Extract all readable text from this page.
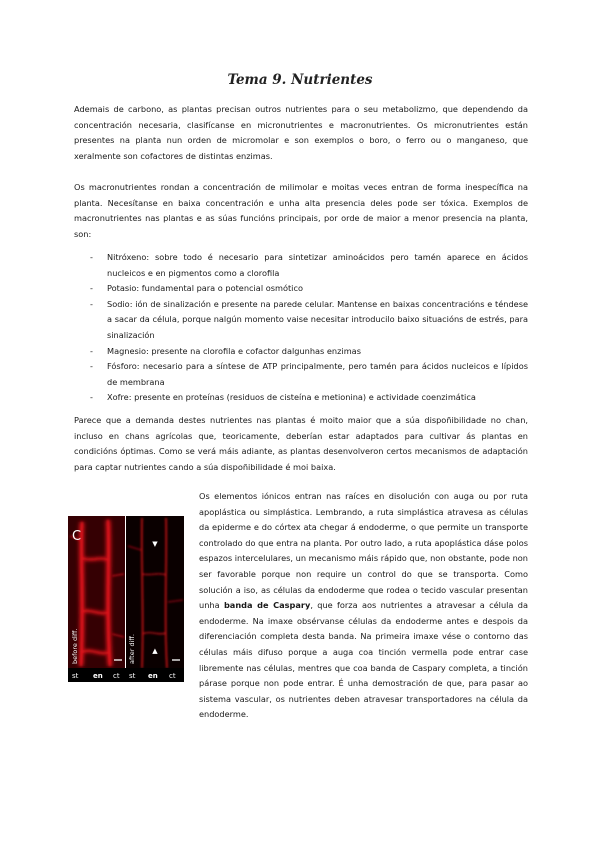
Tema 9. Nutrientes

Ademais de carbono, as plantas precisan outros nutrientes para o seu metabolizmo, que dependendo da concentración necesaria, clasifícanse en micronutrientes e macronutrientes. Os micronutrientes están presentes na planta nun orden de micromolar e son exemplos o boro, o ferro ou o manganeso, que xeralmente son cofactores de distintas enzimas.

Os macronutrientes rondan a concentración de milimolar e moitas veces entran de forma inespecífica na planta. Necesítanse en baixa concentración e unha alta presencia deles pode ser tóxica. Exemplos de macronutrientes nas plantas e as súas funcións principais, por orde de maior a menor presencia na planta, son:

- Nitróxeno: sobre todo é necesario para sintetizar aminoácidos pero tamén aparece en ácidos nucleicos e en pigmentos como a clorofila
- Potasio: fundamental para o potencial osmótico
- Sodio: ión de sinalización e presente na parede celular. Mantense en baixas concentracións e téndese a sacar da célula, porque nalgún momento vaise necesitar introducilo baixo situacións de estrés, para sinalización
- Magnesio: presente na clorofila e cofactor dalgunhas enzimas
- Fósforo: necesario para a síntese de ATP principalmente, pero tamén para ácidos nucleicos e lípidos de membrana
- Xofre: presente en proteínas (residuos de cisteína e metionina) e actividade coenzimática

Parece que a demanda destes nutrientes nas plantas é moito maior que a súa dispoñibilidade no chan, incluso en chans agrícolas que, teoricamente, deberían estar adaptados para cultivar ás plantas en condicións óptimas. Como se verá máis adiante, as plantas desenvolveron certos mecanismos de adaptación para captar nutrientes cando a súa dispoñibilidade é moi baixa.

C
before diff.	after diff.
▼
▲
st en ct st en ct

Os elementos iónicos entran nas raíces en disolución con auga ou por ruta apoplástica ou simplástica. Lembrando, a ruta simplástica atravesa as células da epiderme e do córtex ata chegar á endoderme, o que permite un transporte controlado do que entra na planta. Por outro lado, a ruta apoplástica dáse polos espazos intercelulares, un mecanismo máis rápido que, non obstante, pode non ser favorable porque non require un control do que se transporta. Como solución a iso, as células da endoderme que rodea o tecido vascular presentan unha banda de Caspary, que forza aos nutrientes a atravesar a célula da endoderme. Na imaxe obsérvanse células da endoderme antes e despois da diferenciación completa desta banda. Na primeira imaxe vése o contorno das células máis difuso porque a auga coa tinción vermella pode entrar case libremente nas células, mentres que coa banda de Caspary completa, a tinción párase porque non pode entrar. É unha demostración de que, para pasar ao sistema vascular, os nutrientes deben atravesar transportadores na célula da endoderme.
